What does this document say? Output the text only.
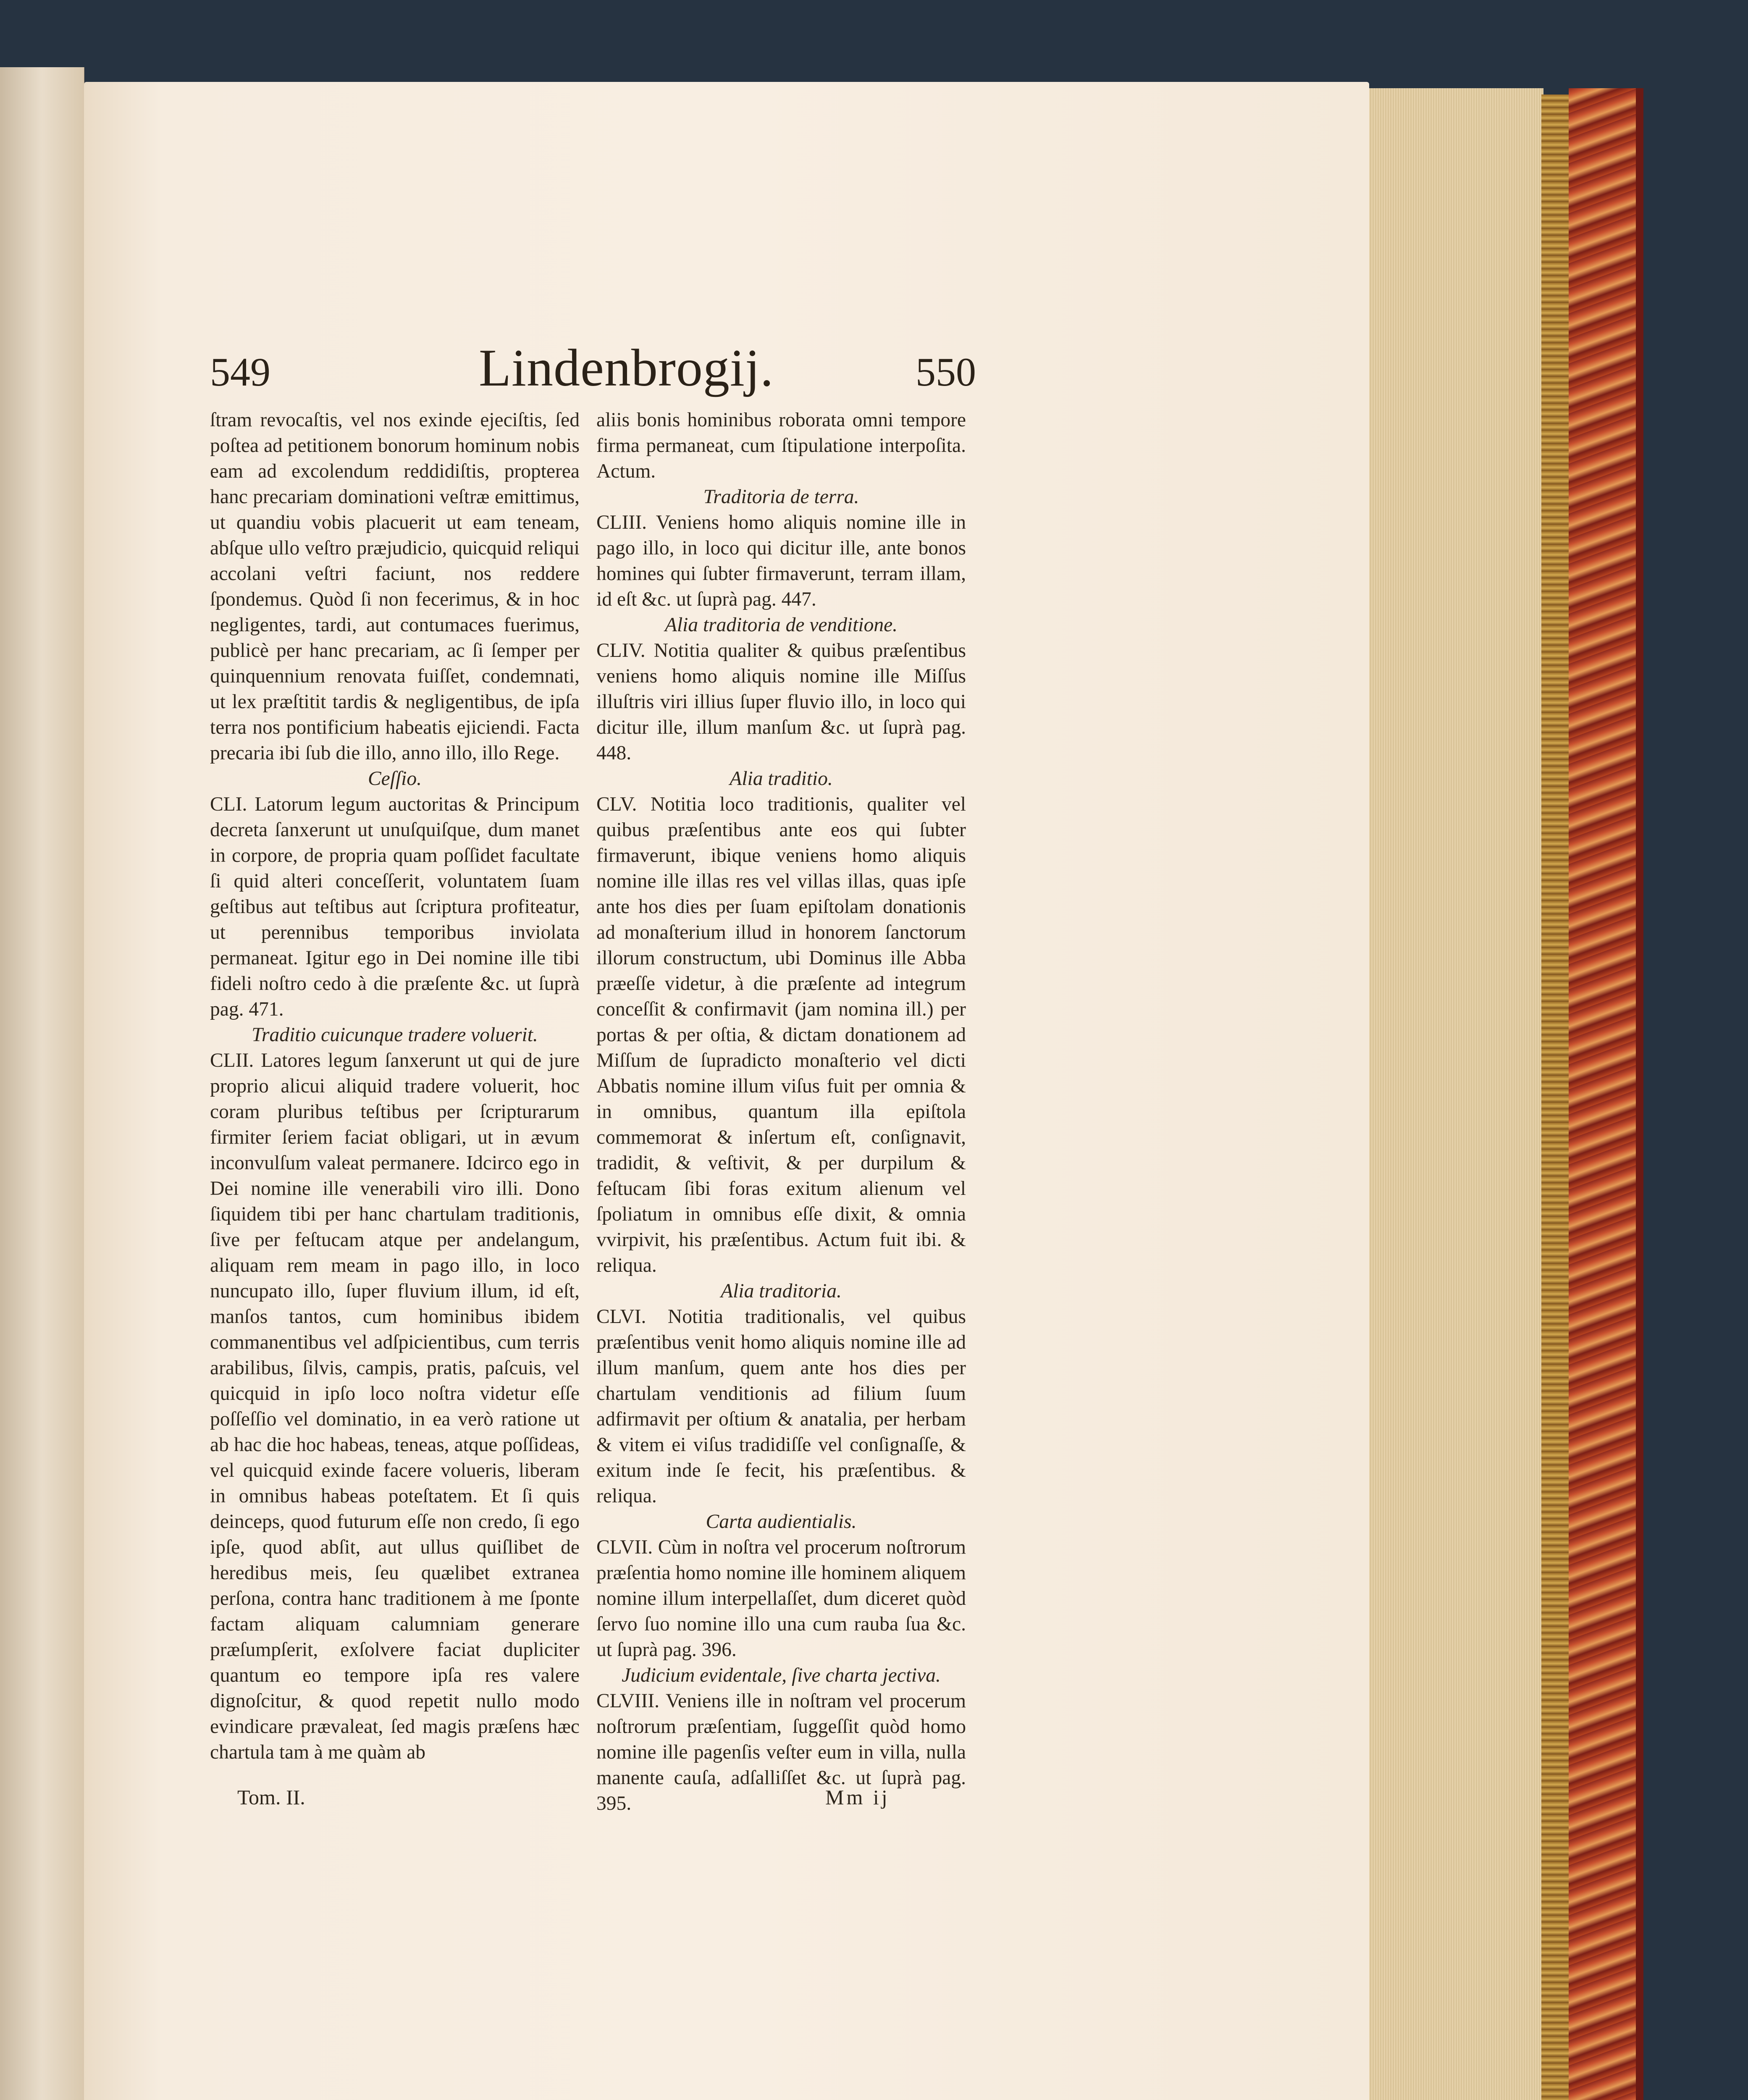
549	Lindenbrogij.	550

ſtram revocaſtis, vel nos exinde ejeciſtis, ſed poſtea ad petitionem bonorum hominum nobis eam ad excolendum reddidiſtis, propterea hanc precariam dominationi veſtræ emittimus, ut quandiu vobis placuerit ut eam teneam, abſque ullo veſtro præjudicio, quicquid reliqui accolani veſtri faciunt, nos reddere ſpondemus. Quòd ſi non fecerimus, & in hoc negligentes, tardi, aut contumaces fuerimus, publicè per hanc precariam, ac ſi ſemper per quinquennium renovata fuiſſet, condemnati, ut lex præſtitit tardis & negligentibus, de ipſa terra nos pontificium habeatis ejiciendi. Facta precaria ibi ſub die illo, anno illo, illo Rege.

Ceſſio.

CLI. Latorum legum auctoritas & Principum decreta ſanxerunt ut unuſquiſque, dum manet in corpore, de propria quam poſſidet facultate ſi quid alteri conceſſerit, voluntatem ſuam geſtibus aut teſtibus aut ſcriptura profiteatur, ut perennibus temporibus inviolata permaneat. Igitur ego in Dei nomine ille tibi fideli noſtro cedo à die præſente &c. ut ſuprà pag. 471.

Traditio cuicunque tradere voluerit.

CLII. Latores legum ſanxerunt ut qui de jure proprio alicui aliquid tradere voluerit, hoc coram pluribus teſtibus per ſcripturarum firmiter ſeriem faciat obligari, ut in ævum inconvulſum valeat permanere. Idcirco ego in Dei nomine ille venerabili viro illi. Dono ſiquidem tibi per hanc chartulam traditionis, ſive per feſtucam atque per andelangum, aliquam rem meam in pago illo, in loco nuncupato illo, ſuper fluvium illum, id eſt, manſos tantos, cum hominibus ibidem commanentibus vel adſpicientibus, cum terris arabilibus, ſilvis, campis, pratis, paſcuis, vel quicquid in ipſo loco noſtra videtur eſſe poſſeſſio vel dominatio, in ea verò ratione ut ab hac die hoc habeas, teneas, atque poſſideas, vel quicquid exinde facere volueris, liberam in omnibus habeas poteſtatem. Et ſi quis deinceps, quod futurum eſſe non credo, ſi ego ipſe, quod abſit, aut ullus quiſlibet de heredibus meis, ſeu quælibet extranea perſona, contra hanc traditionem à me ſponte factam aliquam calumniam generare præſumpſerit, exſolvere faciat dupliciter quantum eo tempore ipſa res valere dignoſcitur, & quod repetit nullo modo evindicare prævaleat, ſed magis præſens hæc chartula tam à me quàm ab

aliis bonis hominibus roborata omni tempore firma permaneat, cum ſtipulatione interpoſita. Actum.

Traditoria de terra.

CLIII. Veniens homo aliquis nomine ille in pago illo, in loco qui dicitur ille, ante bonos homines qui ſubter firmaverunt, terram illam, id eſt &c. ut ſuprà pag. 447.

Alia traditoria de venditione.

CLIV. Notitia qualiter & quibus præſentibus veniens homo aliquis nomine ille Miſſus illuſtris viri illius ſuper fluvio illo, in loco qui dicitur ille, illum manſum &c. ut ſuprà pag. 448.

Alia traditio.

CLV. Notitia loco traditionis, qualiter vel quibus præſentibus ante eos qui ſubter firmaverunt, ibique veniens homo aliquis nomine ille illas res vel villas illas, quas ipſe ante hos dies per ſuam epiſtolam donationis ad monaſterium illud in honorem ſanctorum illorum constructum, ubi Dominus ille Abba præeſſe videtur, à die præſente ad integrum conceſſit & confirmavit (jam nomina ill.) per portas & per oſtia, & dictam donationem ad Miſſum de ſupradicto monaſterio vel dicti Abbatis nomine illum viſus fuit per omnia & in omnibus, quantum illa epiſtola commemorat & inſertum eſt, conſignavit, tradidit, & veſtivit, & per durpilum & feſtucam ſibi foras exitum alienum vel ſpoliatum in omnibus eſſe dixit, & omnia vvirpivit, his præſentibus. Actum fuit ibi. & reliqua.

Alia traditoria.

CLVI. Notitia traditionalis, vel quibus præſentibus venit homo aliquis nomine ille ad illum manſum, quem ante hos dies per chartulam venditionis ad filium ſuum adfirmavit per oſtium & anatalia, per herbam & vitem ei viſus tradidiſſe vel conſignaſſe, & exitum inde ſe fecit, his præſentibus. & reliqua.

Carta audientialis.

CLVII. Cùm in noſtra vel procerum noſtrorum præſentia homo nomine ille hominem aliquem nomine illum interpellaſſet, dum diceret quòd ſervo ſuo nomine illo una cum rauba ſua &c. ut ſuprà pag. 396.

Judicium evidentale, ſive charta jectiva.

CLVIII. Veniens ille in noſtram vel procerum noſtrorum præſentiam, ſuggeſſit quòd homo nomine ille pagenſis veſter eum in villa, nulla manente cauſa, adſalliſſet &c. ut ſuprà pag. 395.

Tom. II.	Mm ij
